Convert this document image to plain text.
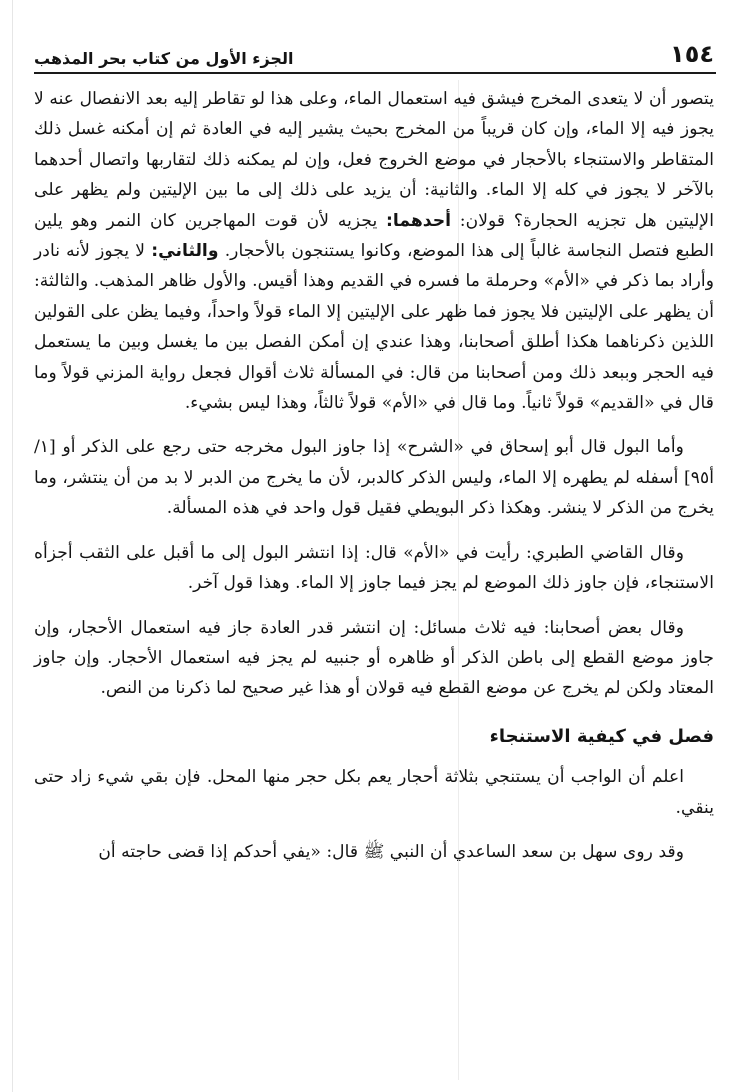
١٥٤
الجزء الأول من كتاب بحر المذهب

يتصور أن لا يتعدى المخرج فيشق فيه استعمال الماء، وعلى هذا لو تقاطر إليه بعد الانفصال عنه لا يجوز فيه إلا الماء، وإن كان قريباً من المخرج بحيث يشير إليه في العادة ثم إن أمكنه غسل ذلك المتقاطر والاستنجاء بالأحجار في موضع الخروج فعل، وإن لم يمكنه ذلك لتقاربها واتصال أحدهما بالآخر لا يجوز في كله إلا الماء. والثانية: أن يزيد على ذلك إلى ما بين الإليتين ولم يظهر على الإليتين هل تجزيه الحجارة؟ قولان: أحدهما: يجزيه لأن قوت المهاجرين كان النمر وهو يلين الطبع فتصل النجاسة غالباً إلى هذا الموضع، وكانوا يستنجون بالأحجار. والثاني: لا يجوز لأنه نادر وأراد بما ذكر في «الأم» وحرملة ما فسره في القديم وهذا أقيس. والأول ظاهر المذهب. والثالثة: أن يظهر على الإليتين فلا يجوز فما ظهر على الإليتين إلا الماء قولاً واحداً، وفيما يظن على القولين اللذين ذكرناهما هكذا أطلق أصحابنا، وهذا عندي إن أمكن الفصل بين ما يغسل وبين ما يستعمل فيه الحجر وببعد ذلك ومن أصحابنا من قال: في المسألة ثلاث أقوال فجعل رواية المزني قولاً وما قال في «القديم» قولاً ثانياً. وما قال في «الأم» قولاً ثالثاً، وهذا ليس بشيء.

وأما البول قال أبو إسحاق في «الشرح» إذا جاوز البول مخرجه حتى رجع على الذكر أو [١/أ٩٥] أسفله لم يطهره إلا الماء، وليس الذكر كالدبر، لأن ما يخرج من الدبر لا بد من أن ينتشر، وما يخرج من الذكر لا ينشر. وهكذا ذكر البويطي فقيل قول واحد في هذه المسألة.

وقال القاضي الطبري: رأيت في «الأم» قال: إذا انتشر البول إلى ما أقبل على الثقب أجزأه الاستنجاء، فإن جاوز ذلك الموضع لم يجز فيما جاوز إلا الماء. وهذا قول آخر.

وقال بعض أصحابنا: فيه ثلاث مسائل: إن انتشر قدر العادة جاز فيه استعمال الأحجار، وإن جاوز موضع القطع إلى باطن الذكر أو ظاهره أو جنبيه لم يجز فيه استعمال الأحجار. وإن جاوز المعتاد ولكن لم يخرج عن موضع القطع فيه قولان أو هذا غير صحيح لما ذكرنا من النص.

فصل في كيفية الاستنجاء

اعلم أن الواجب أن يستنجي بثلاثة أحجار يعم بكل حجر منها المحل. فإن بقي شيء زاد حتى ينقي.

وقد روى سهل بن سعد الساعدي أن النبي ﷺ قال: «يفي أحدكم إذا قضى حاجته أن
